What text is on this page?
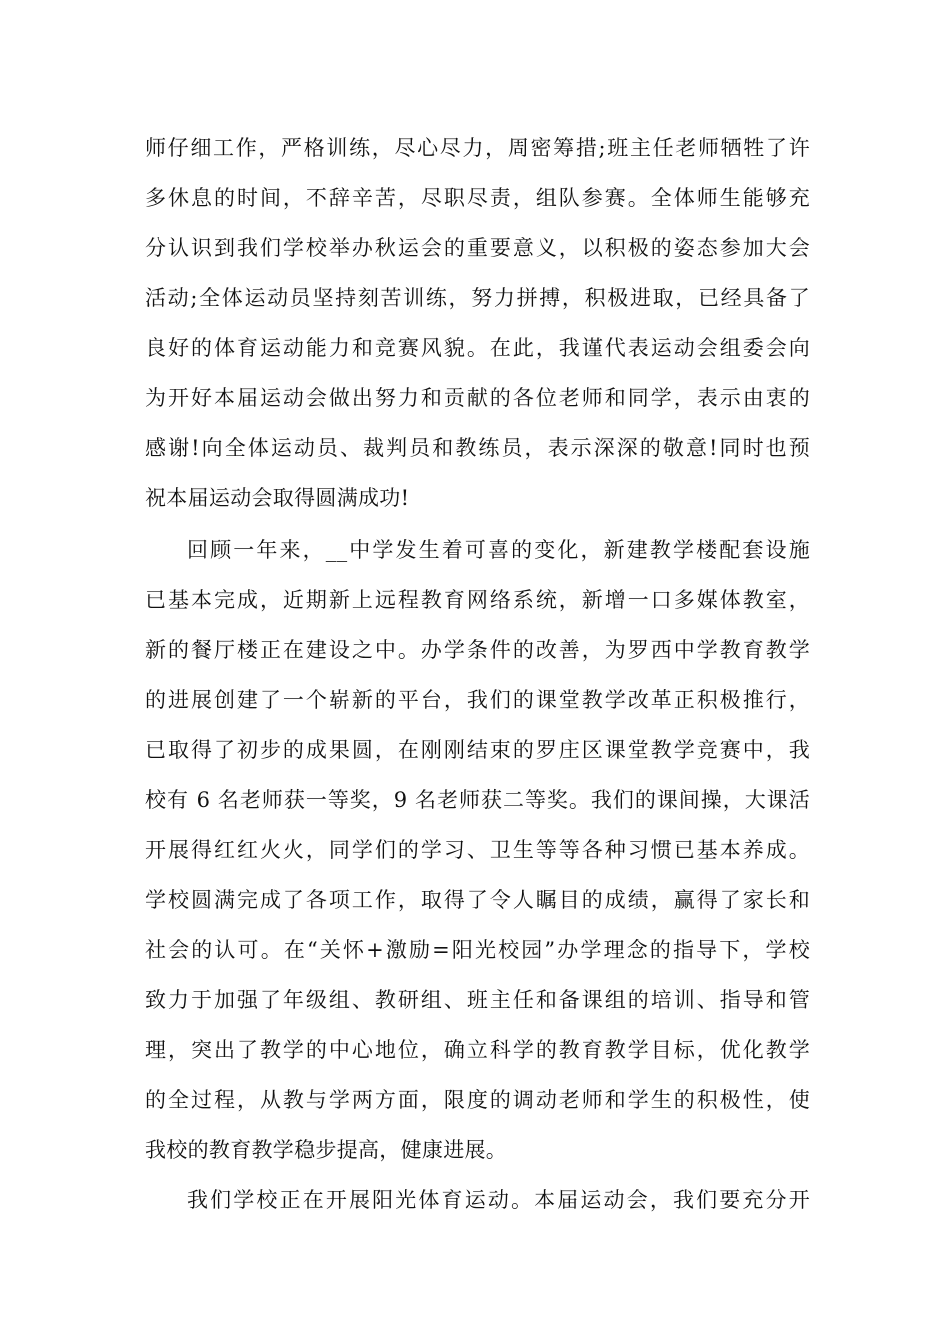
师仔细工作，严格训练，尽心尽力，周密筹措;班主任老师牺牲了许
多休息的时间，不辞辛苦，尽职尽责，组队参赛。全体师生能够充
分认识到我们学校举办秋运会的重要意义，以积极的姿态参加大会
活动;全体运动员坚持刻苦训练，努力拼搏，积极进取，已经具备了
良好的体育运动能力和竞赛风貌。在此，我谨代表运动会组委会向
为开好本届运动会做出努力和贡献的各位老师和同学，表示由衷的
感谢!向全体运动员、裁判员和教练员，表示深深的敬意!同时也预
祝本届运动会取得圆满成功!
回顾一年来，__中学发生着可喜的变化，新建教学楼配套设施
已基本完成，近期新上远程教育网络系统，新增一口多媒体教室，
新的餐厅楼正在建设之中。办学条件的改善，为罗西中学教育教学
的进展创建了一个崭新的平台，我们的课堂教学改革正积极推行，
已取得了初步的成果圆，在刚刚结束的罗庄区课堂教学竞赛中，我
校有 6 名老师获一等奖，9 名老师获二等奖。我们的课间操，大课活
开展得红红火火，同学们的学习、卫生等等各种习惯已基本养成。
学校圆满完成了各项工作，取得了令人瞩目的成绩，赢得了家长和
社会的认可。在“关怀+激励=阳光校园”办学理念的指导下，学校
致力于加强了年级组、教研组、班主任和备课组的培训、指导和管
理，突出了教学的中心地位，确立科学的教育教学目标，优化教学
的全过程，从教与学两方面，限度的调动老师和学生的积极性，使
我校的教育教学稳步提高，健康进展。
我们学校正在开展阳光体育运动。本届运动会，我们要充分开
